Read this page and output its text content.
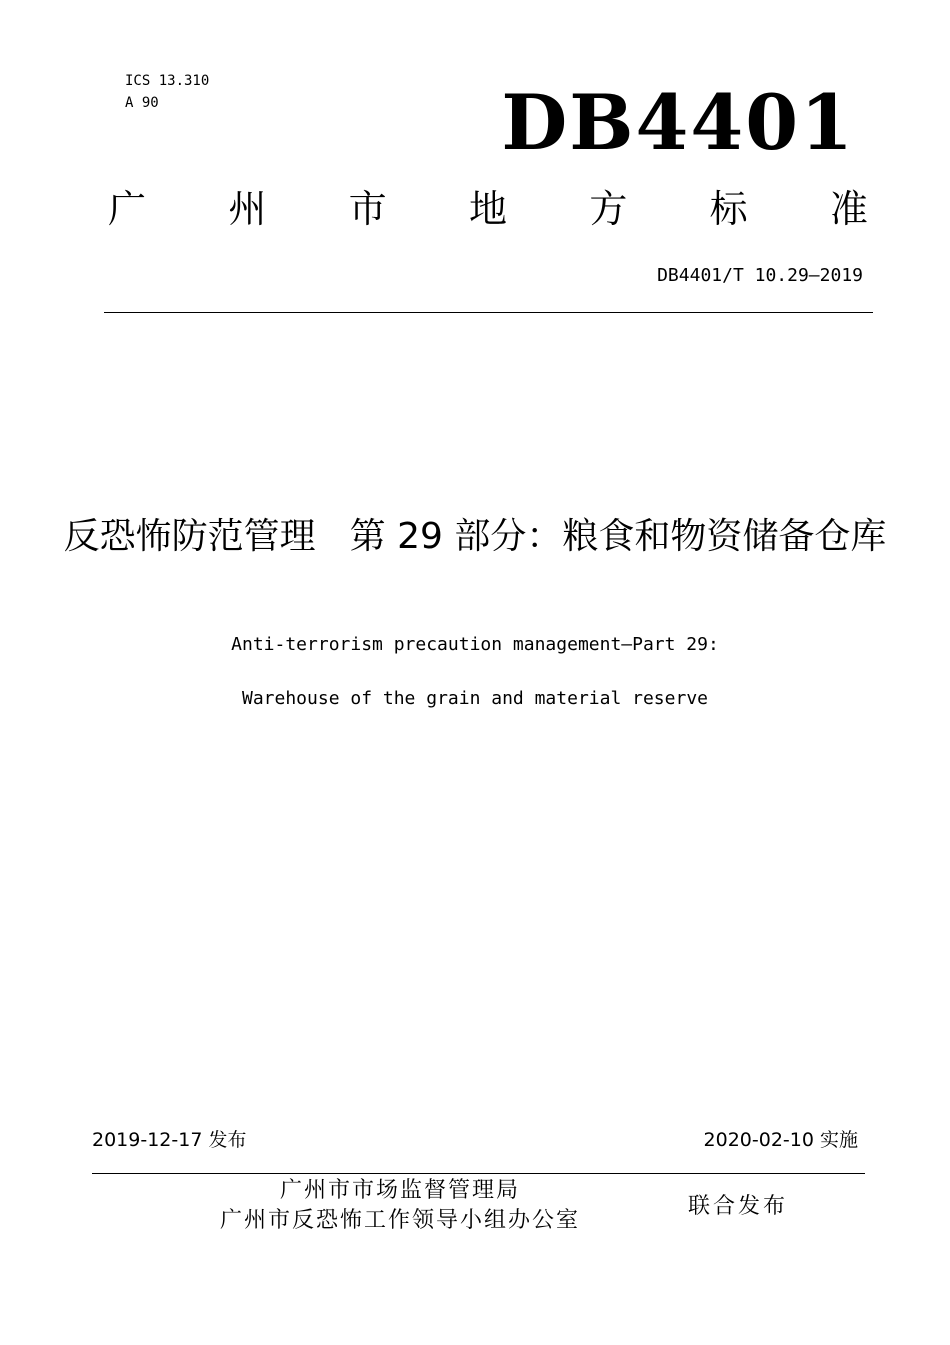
ICS 13.310
A 90	DB4401
广 州 市 地 方 标 准
DB4401/T 10.29—2019
反恐怖防范管理 第 29 部分：粮食和物资储备仓库
Anti-terrorism precaution management—Part 29:
Warehouse of the grain and material reserve
2019-12-17 发布	2020-02-10 实施
广州市市场监督管理局
广州市反恐怖工作领导小组办公室
联合发布
